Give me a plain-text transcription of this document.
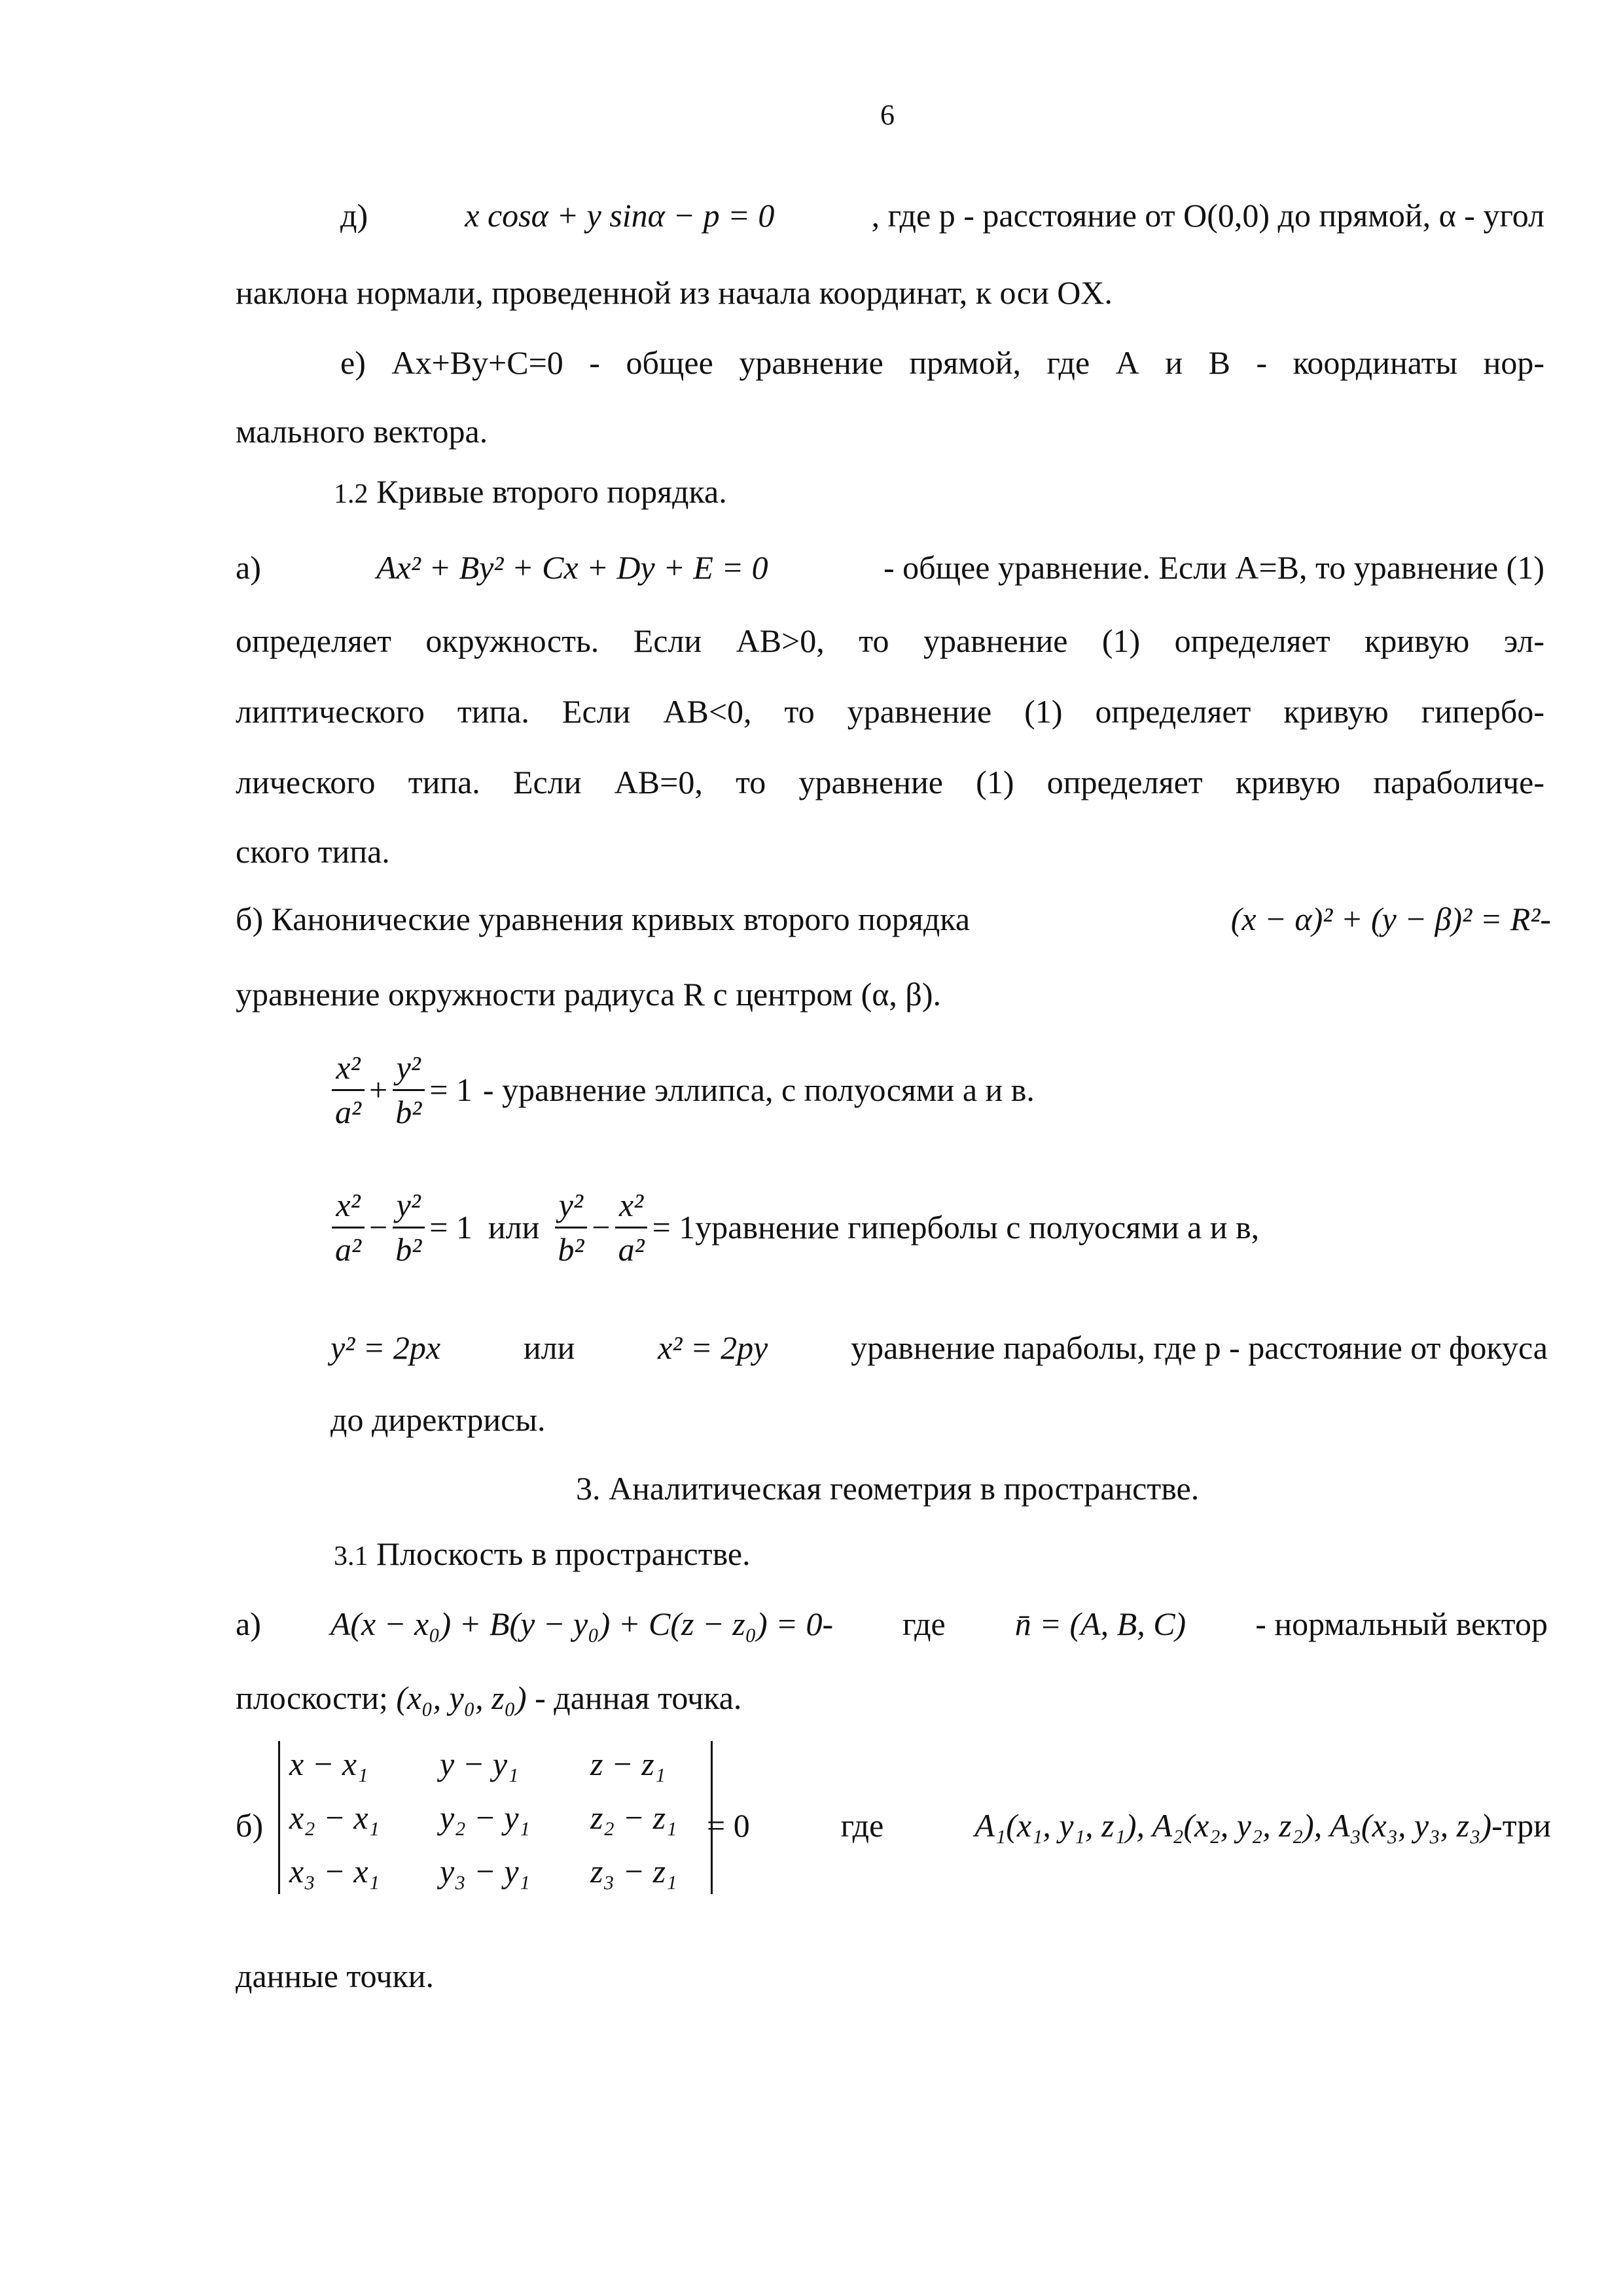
6
д)	x cosα + y sinα − p = 0	, где р - расстояние от O(0,0) до прямой, α - угол
наклона нормали, проведенной из начала координат, к оси OX.
е) Ax+By+C=0 - общее уравнение прямой, где А и В - координаты нор-
мального вектора.
1.2 Кривые второго порядка.
а)	Ax² + By² + Cx + Dy + E = 0	- общее уравнение. Если А=В, то уравнение (1)
определяет окружность. Если АВ>0, то уравнение (1) определяет кривую эл-
липтического типа. Если АВ<0, то уравнение (1) определяет кривую гипербо-
лического типа. Если АВ=0, то уравнение (1) определяет кривую параболиче-
ского типа.
б) Канонические уравнения кривых второго порядка	(x − α)² + (y − β)² = R²-
уравнение окружности радиуса R с центром (α, β).
$\frac{\text{x²}}{\text{a²}} + \frac{\text{y²}}{\text{b²}} = 1$ - уравнение эллипса, с полуосями а и в.
$\frac{\text{x²}}{\text{a²}} - \frac{\text{y²}}{\text{b²}} = 1$ или $\frac{\text{y²}}{\text{b²}} - \frac{\text{x²}}{\text{a²}} = 1$ уравнение гиперболы с полуосями а и в,
y² = 2px	или	x² = 2py	уравнение параболы, где р - расстояние от фокуса
до директрисы.
3. Аналитическая геометрия в пространстве.
3.1 Плоскость в пространстве.
а) A(x − x₀) + B(y − y₀) + C(z − z₀) = 0- где n̄ = (A, B, C) - нормальный вектор
плоскости; (x₀, y₀, z₀) - данная точка.
б)
x − x₁	y − y₁	z − z₁
x₂ − x₁	y₂ − y₁	z₂ − z₁
x₃ − x₁	y₃ − y₁	z₃ − z₁
= 0	где	A₁(x₁, y₁, z₁), A₂(x₂, y₂, z₂), A₃(x₃, y₃, z₃)-три
данные точки.
